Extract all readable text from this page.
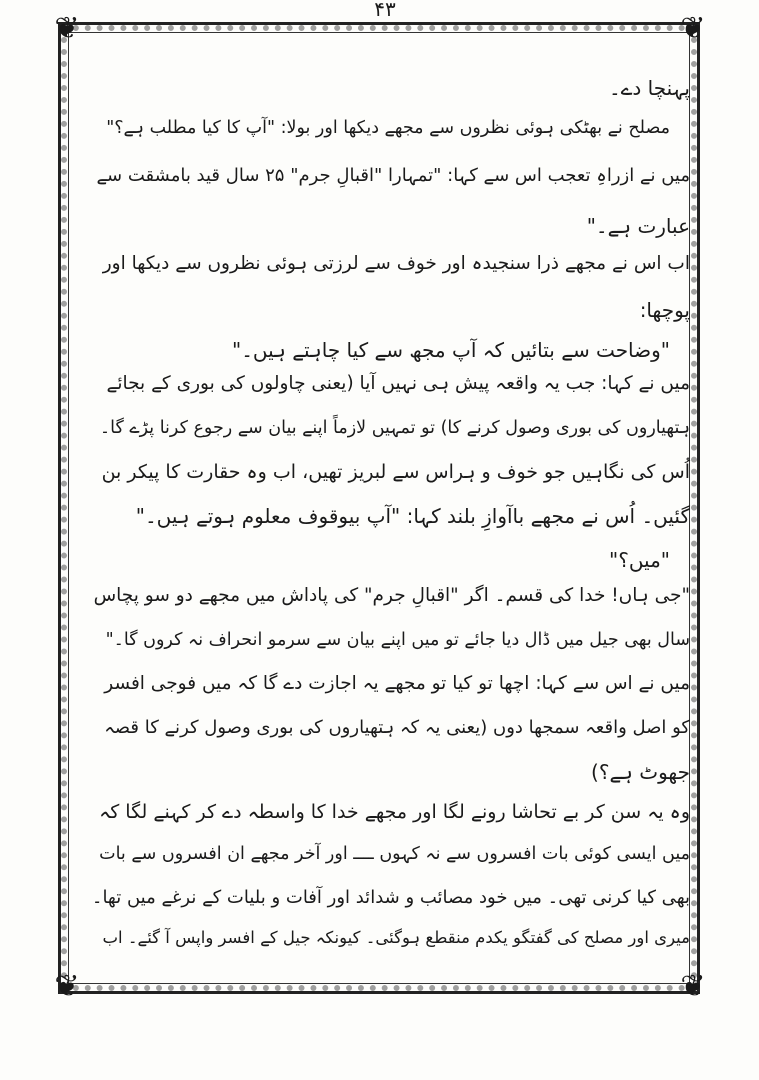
۴۳
❦	❦
❦	❦
پہنچا دے۔
مصلح نے بھٹکی ہوئی نظروں سے مجھے دیکھا اور بولا: "آپ کا کیا مطلب ہے؟"
میں نے ازراہِ تعجب اس سے کہا: "تمہارا "اقبالِ جرم" ۲۵ سال قید بامشقت سے
عبارت ہے۔"
اب اس نے مجھے ذرا سنجیدہ اور خوف سے لرزتی ہوئی نظروں سے دیکھا اور
پوچھا:
"وضاحت سے بتائیں کہ آپ مجھ سے کیا چاہتے ہیں۔"
میں نے کہا: جب یہ واقعہ پیش ہی نہیں آیا (یعنی چاولوں کی بوری کے بجائے
ہتھیاروں کی بوری وصول کرنے کا) تو تمہیں لازماً اپنے بیان سے رجوع کرنا پڑے گا۔
اُس کی نگاہیں جو خوف و ہراس سے لبریز تھیں، اب وہ حقارت کا پیکر بن
گئیں۔ اُس نے مجھے باآوازِ بلند کہا: "آپ بیوقوف معلوم ہوتے ہیں۔"
"میں؟"
"جی ہاں! خدا کی قسم۔ اگر "اقبالِ جرم" کی پاداش میں مجھے دو سو پچاس
سال بھی جیل میں ڈال دیا جائے تو میں اپنے بیان سے سرمو انحراف نہ کروں گا۔"
میں نے اس سے کہا: اچھا تو کیا تو مجھے یہ اجازت دے گا کہ میں فوجی افسر
کو اصل واقعہ سمجھا دوں (یعنی یہ کہ ہتھیاروں کی بوری وصول کرنے کا قصہ
جھوٹ ہے؟)
وہ یہ سن کر بے تحاشا رونے لگا اور مجھے خدا کا واسطہ دے کر کہنے لگا کہ
میں ایسی کوئی بات افسروں سے نہ کہوں ــــ اور آخر مجھے ان افسروں سے بات
بھی کیا کرنی تھی۔ میں خود مصائب و شدائد اور آفات و بلیات کے نرغے میں تھا۔
میری اور مصلح کی گفتگو یکدم منقطع ہوگئی۔ کیونکہ جیل کے افسر واپس آ گئے۔ اب
